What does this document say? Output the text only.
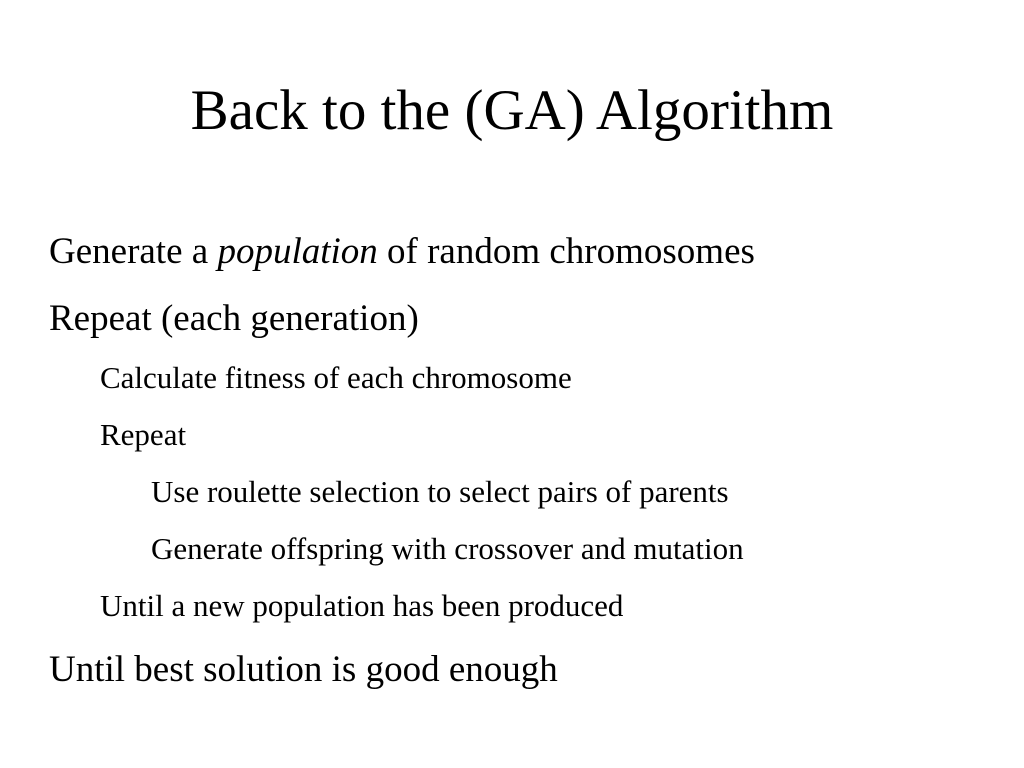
Back to the (GA) Algorithm
Generate a population of random chromosomes
Repeat (each generation)
Calculate fitness of each chromosome
Repeat
Use roulette selection to select pairs of parents
Generate offspring with crossover and mutation
Until a new population has been produced
Until best solution is good enough
